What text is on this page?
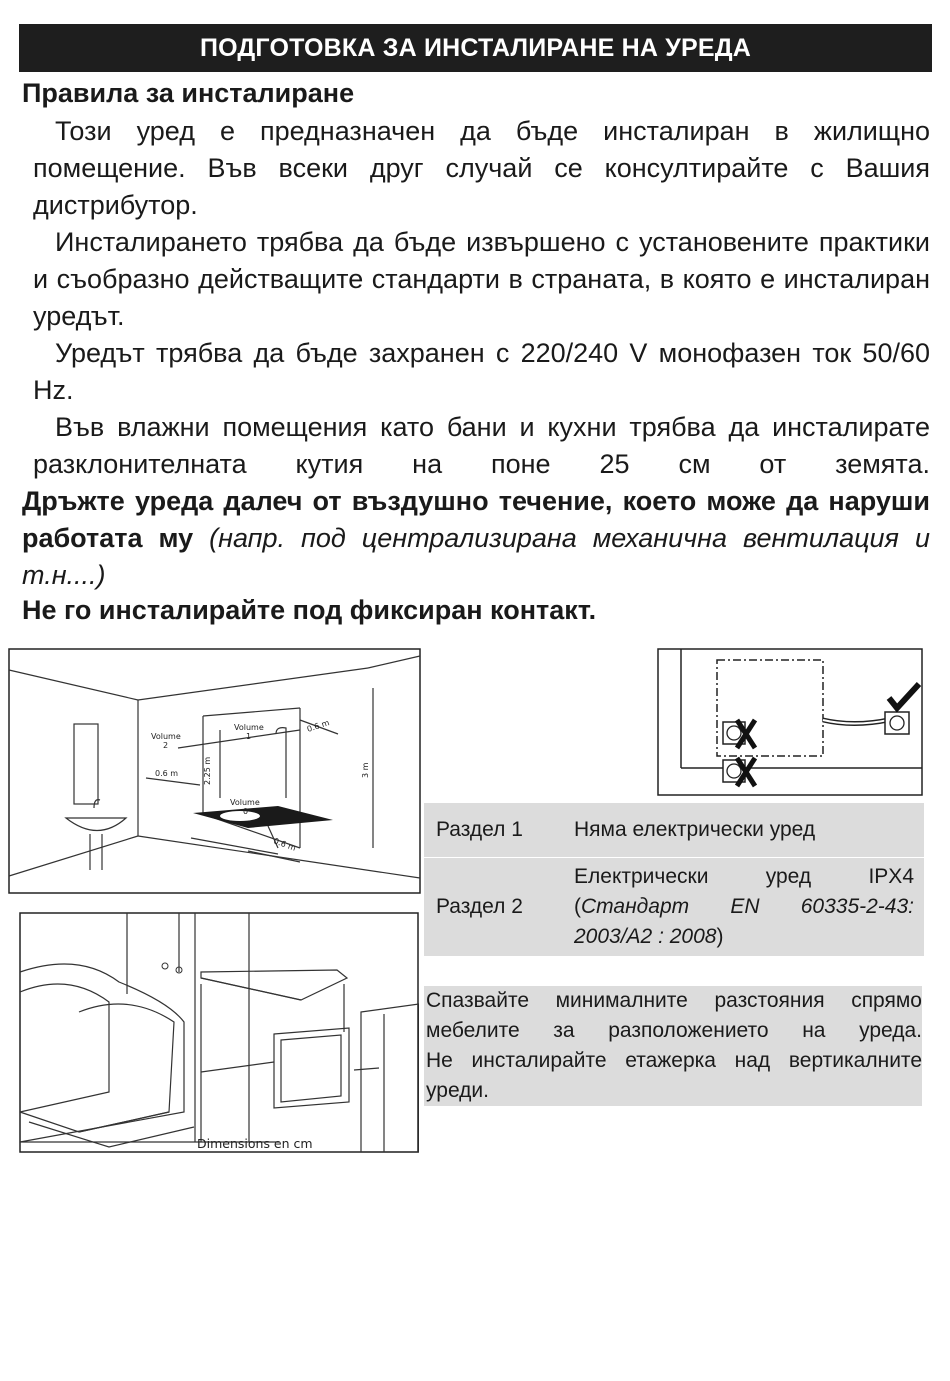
ПОДГОТОВКА ЗА ИНСТАЛИРАНЕ НА УРЕДА
Правила за инсталиране

Този уред е предназначен да бъде инсталиран в жилищно помещение. Във всеки друг случай се консултирайте с Вашия дистрибутор.

Инсталирането трябва да бъде извършено с установените практики и съобразно действащите стандарти в страната, в която е инсталиран уредът.

Уредът трябва да бъде захранен с 220/240 V монофазен ток 50/60 Hz.

Във влажни помещения като бани и кухни трябва да инсталирате разклонителната кутия на поне 25 см от земята.

Дръжте уреда далеч от въздушно течение, което може да наруши работата му (напр. под централизирана механична вентилация и т.н....)
Не го инсталирайте под фиксиран контакт.
Volume
2
Volume
1
Volume
0
0.6 m
0.6 m
0.6 m
2.25 m	3 m
Раздел 1	Няма електрически уред
Раздел 2	Електрически уред IPX4 (Стандарт EN 60335-2-43: 2003/A2 : 2008)
Dimensions en cm

Спазвайте минималните разстояния спрямо мебелите за разположението на уреда.

Не инсталирайте етажерка над вертикалните уреди.
